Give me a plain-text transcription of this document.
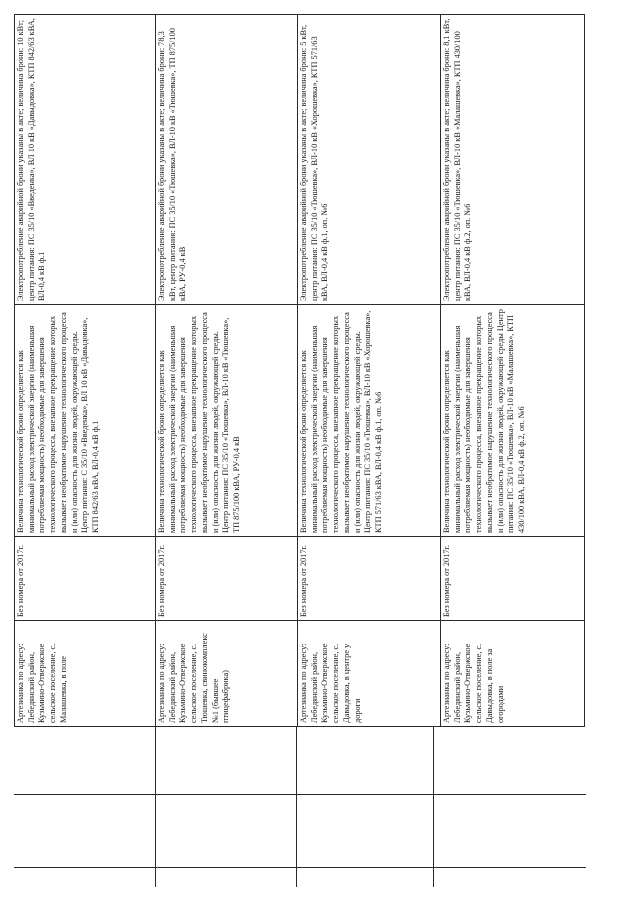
Артезианка по адресу: Лебедянский район, Кузьмино-Отвержское сельское поселение, с. Малашевка, в поле	Без номера от 2017г.	Величина технологической брони определяется как минимальный расход электрической энергии (наименьшая потребляемая мощность) необходимые для завершения технологического процесса, внезапное прекращение которых вызывает необратимое нарушение технологического процесса и (или) опасность для жизни людей, окружающей среды. Центр питания: С 35/10 «Введенка», ВЛ 10 кВ «Давыдовка», КТП 842/63 кВА, ВЛ-0,4 кВ ф.1	Электропотребление аварийной брони указаны в акте; величина брони: 10 кВт; центр питания: ПС 35/10 «Введенка», ВЛ 10 кВ «Давыдовка», КТП 842/63 кВА, ВЛ-0,4 кВ ф.1
Артезианка по адресу: Лебедянский район, Кузьмино-Отвержское сельское поселение, с. Тюшевка, свинокомплекс №1 (бывшее птицефабрика)	Без номера от 2017г.	Величина технологической брони определяется как минимальный расход электрической энергии (наименьшая потребляемая мощность) необходимые для завершения технологического процесса, внезапное прекращение которых вызывает необратимое нарушение технологического процесса и (или) опасность для жизни людей, окружающей среды. Центр питания: ПС 35/10 «Тюшевка», ВЛ-10 кВ «Тюшевка», ТП 875/100 кВА, РУ-0,4 кВ	Электропотребление аварийной брони указаны в акте; величина брони: 78,3 кВт, центр питания: ПС 35/10 «Тюшевка», ВЛ-10 кВ «Тюшевка», ТП 875/100 кВА, РУ-0,4 кВ
Артезианка по адресу: Лебедянский район, Кузьмино-Отвержское сельское поселение, с. Давыдовка, в центре у дороги	Без номера от 2017г.	Величина технологической брони определяется как минимальный расход электрической энергии (наименьшая потребляемая мощность) необходимые для завершения технологического процесса, внезапное прекращение которых вызывает необратимое нарушение технологического процесса и (или) опасность для жизни людей, окружающей среды. Центр питания: ПС 35/10 «Тюшевка», ВЛ-10 кВ «Хорошевка», КТП 571/63 кВА, ВЛ-0,4 кВ ф.1, оп. №6	Электропотребление аварийной брони указаны в акте; величина брони: 5 кВт, центр питания: ПС 35/10 «Тюшевка», ВЛ-10 кВ «Хорошевка», КТП 571/63 кВА, ВЛ-0,4 кВ ф.1, оп. №6
Артезианка по адресу: Лебедянский район, Кузьмино-Отвержское сельское поселение, с. Давыдовка, в поле за огородами	Без номера от 2017г.	Величина технологической брони определяется как минимальный расход электрической энергии (наименьшая потребляемая мощность) необходимые для завершения технологического процесса, внезапное прекращение которых вызывает необратимое нарушение технологического процесса и (или) опасность для жизни людей, окружающей среды Центр питания: ПС 35/10 «Тюшевка», ВЛ-10 кВ «Малашевка», КТП 430/100 кВА, ВЛ-0,4 кВ ф.2, оп. №6	Электропотребление аварийной брони указаны в акте; величина брони: 8,1 кВт, центр питания: ПС 35/10 «Тюшевка», ВЛ-10 кВ «Малашевка», КТП 430/100 кВА, ВЛ-0,4 кВ ф.2, оп. №6
